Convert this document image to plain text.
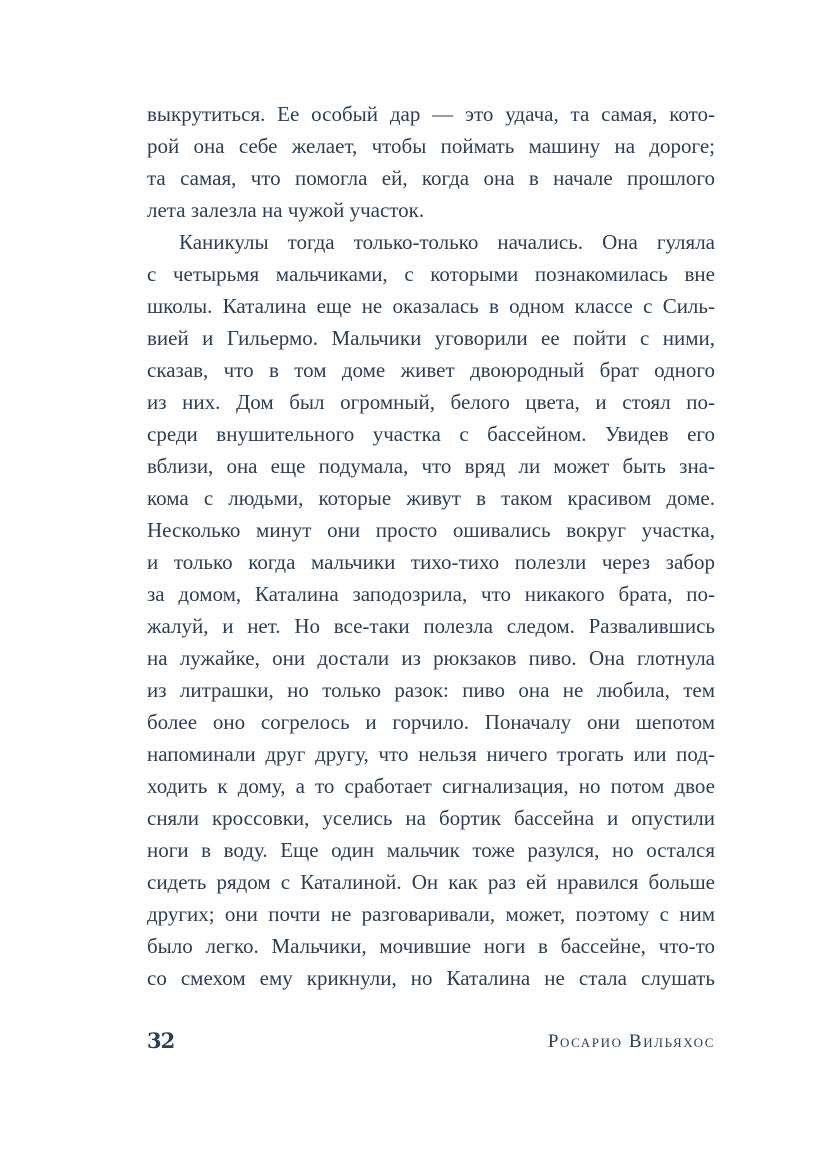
выкрутиться. Ее особый дар — это удача, та самая, кото-
рой она себе желает, чтобы поймать машину на дороге;
та самая, что помогла ей, когда она в начале прошлого
лета залезла на чужой участок.
Каникулы тогда только-только начались. Она гуляла
с четырьмя мальчиками, с которыми познакомилась вне
школы. Каталина еще не оказалась в одном классе с Силь-
вией и Гильермо. Мальчики уговорили ее пойти с ними,
сказав, что в том доме живет двоюродный брат одного
из них. Дом был огромный, белого цвета, и стоял по-
среди внушительного участка с бассейном. Увидев его
вблизи, она еще подумала, что вряд ли может быть зна-
кома с людьми, которые живут в таком красивом доме.
Несколько минут они просто ошивались вокруг участка,
и только когда мальчики тихо-тихо полезли через забор
за домом, Каталина заподозрила, что никакого брата, по-
жалуй, и нет. Но все-таки полезла следом. Развалившись
на лужайке, они достали из рюкзаков пиво. Она глотнула
из литрашки, но только разок: пиво она не любила, тем
более оно согрелось и горчило. Поначалу они шепотом
напоминали друг другу, что нельзя ничего трогать или под-
ходить к дому, а то сработает сигнализация, но потом двое
сняли кроссовки, уселись на бортик бассейна и опустили
ноги в воду. Еще один мальчик тоже разулся, но остался
сидеть рядом с Каталиной. Он как раз ей нравился больше
других; они почти не разговаривали, может, поэтому с ним
было легко. Мальчики, мочившие ноги в бассейне, что-то
со смехом ему крикнули, но Каталина не стала слушать
32	Росарио Вильяхос
